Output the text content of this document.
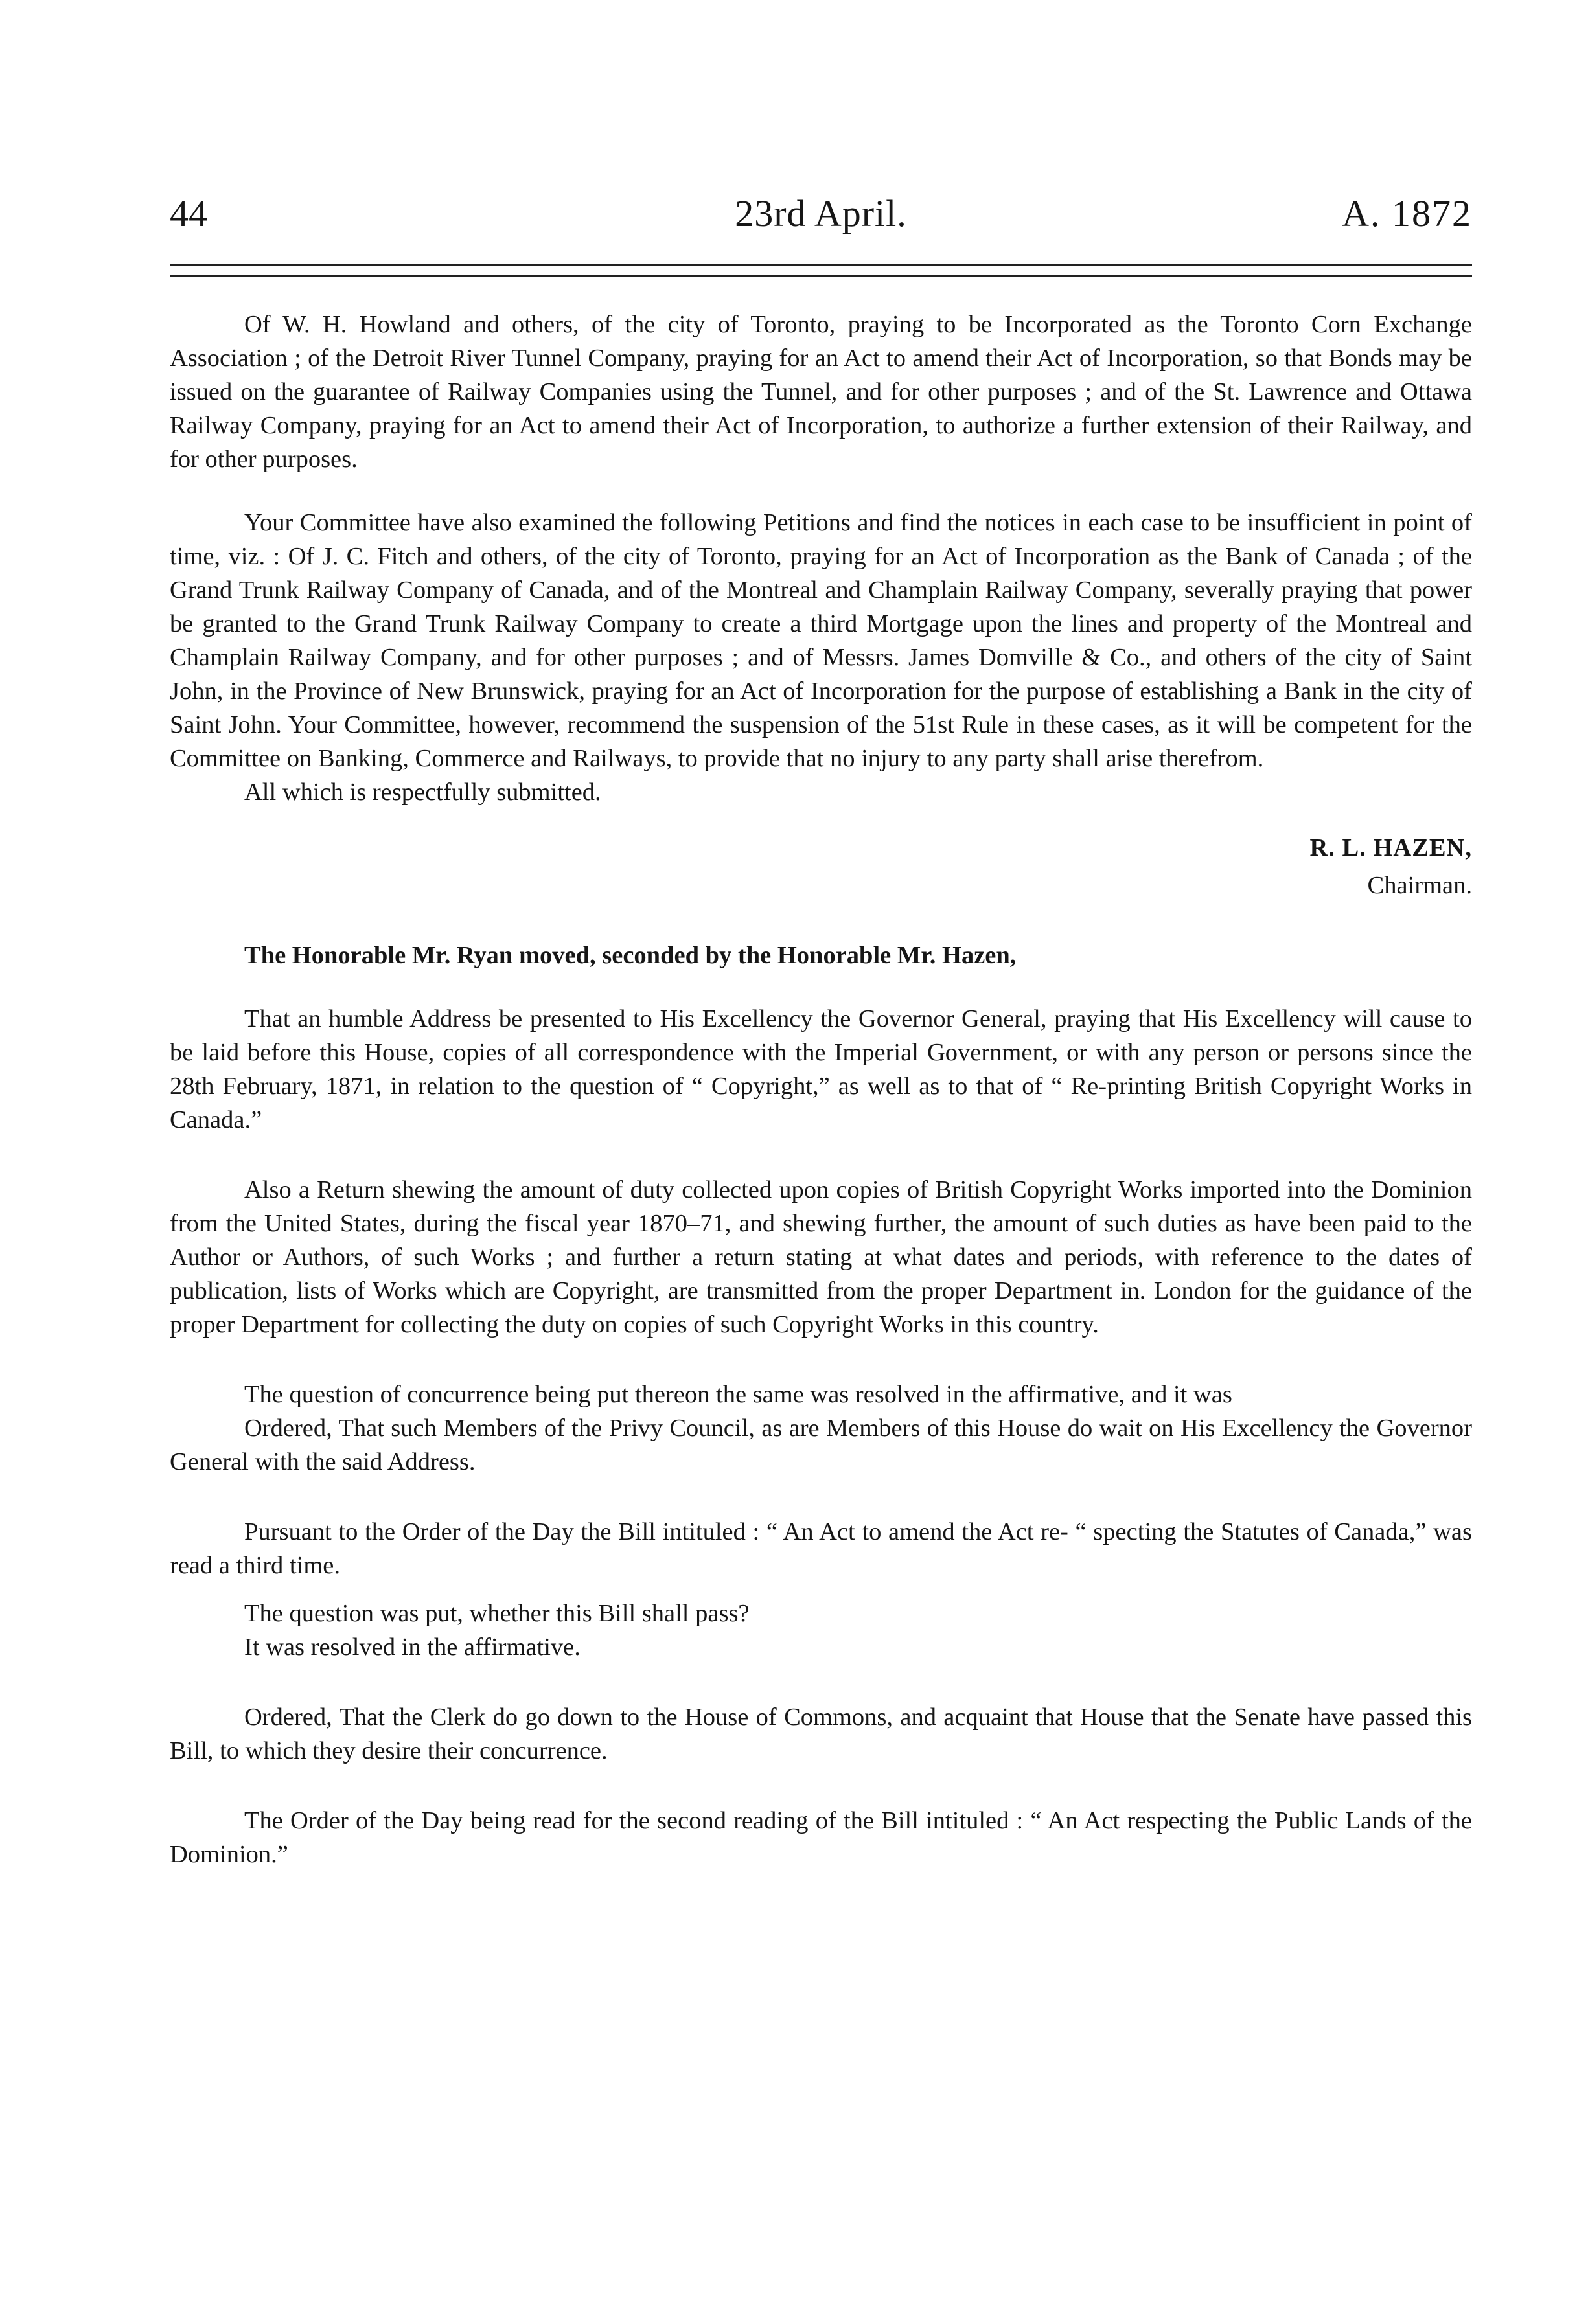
44	23rd April.	A. 1872

Of W. H. Howland and others, of the city of Toronto, praying to be Incorporated as the Toronto Corn Exchange Association ; of the Detroit River Tunnel Company, praying for an Act to amend their Act of Incorporation, so that Bonds may be issued on the guarantee of Railway Companies using the Tunnel, and for other purposes ; and of the St. Lawrence and Ottawa Railway Company, praying for an Act to amend their Act of Incorporation, to authorize a further extension of their Railway, and for other purposes.

Your Committee have also examined the following Petitions and find the notices in each case to be insufficient in point of time, viz. : Of J. C. Fitch and others, of the city of Toronto, praying for an Act of Incorporation as the Bank of Canada ; of the Grand Trunk Railway Company of Canada, and of the Montreal and Champlain Railway Company, severally praying that power be granted to the Grand Trunk Railway Company to create a third Mortgage upon the lines and property of the Montreal and Champlain Railway Company, and for other purposes ; and of Messrs. James Domville & Co., and others of the city of Saint John, in the Province of New Brunswick, praying for an Act of Incorporation for the purpose of establishing a Bank in the city of Saint John. Your Committee, however, recommend the suspension of the 51st Rule in these cases, as it will be competent for the Committee on Banking, Commerce and Railways, to provide that no injury to any party shall arise therefrom.

All which is respectfully submitted.

R. L. HAZEN,

Chairman.

The Honorable Mr. Ryan moved, seconded by the Honorable Mr. Hazen,

That an humble Address be presented to His Excellency the Governor General, praying that His Excellency will cause to be laid before this House, copies of all correspondence with the Imperial Government, or with any person or persons since the 28th February, 1871, in relation to the question of “ Copyright,” as well as to that of “ Re-printing British Copyright Works in Canada.”

Also a Return shewing the amount of duty collected upon copies of British Copyright Works imported into the Dominion from the United States, during the fiscal year 1870–71, and shewing further, the amount of such duties as have been paid to the Author or Authors, of such Works ; and further a return stating at what dates and periods, with reference to the dates of publication, lists of Works which are Copyright, are transmitted from the proper Department in. London for the guidance of the proper Department for collecting the duty on copies of such Copyright Works in this country.

The question of concurrence being put thereon the same was resolved in the affirmative, and it was

Ordered, That such Members of the Privy Council, as are Members of this House do wait on His Excellency the Governor General with the said Address.

Pursuant to the Order of the Day the Bill intituled : “ An Act to amend the Act re- “ specting the Statutes of Canada,” was read a third time.

The question was put, whether this Bill shall pass?

It was resolved in the affirmative.

Ordered, That the Clerk do go down to the House of Commons, and acquaint that House that the Senate have passed this Bill, to which they desire their concurrence.

The Order of the Day being read for the second reading of the Bill intituled : “ An Act respecting the Public Lands of the Dominion.”
